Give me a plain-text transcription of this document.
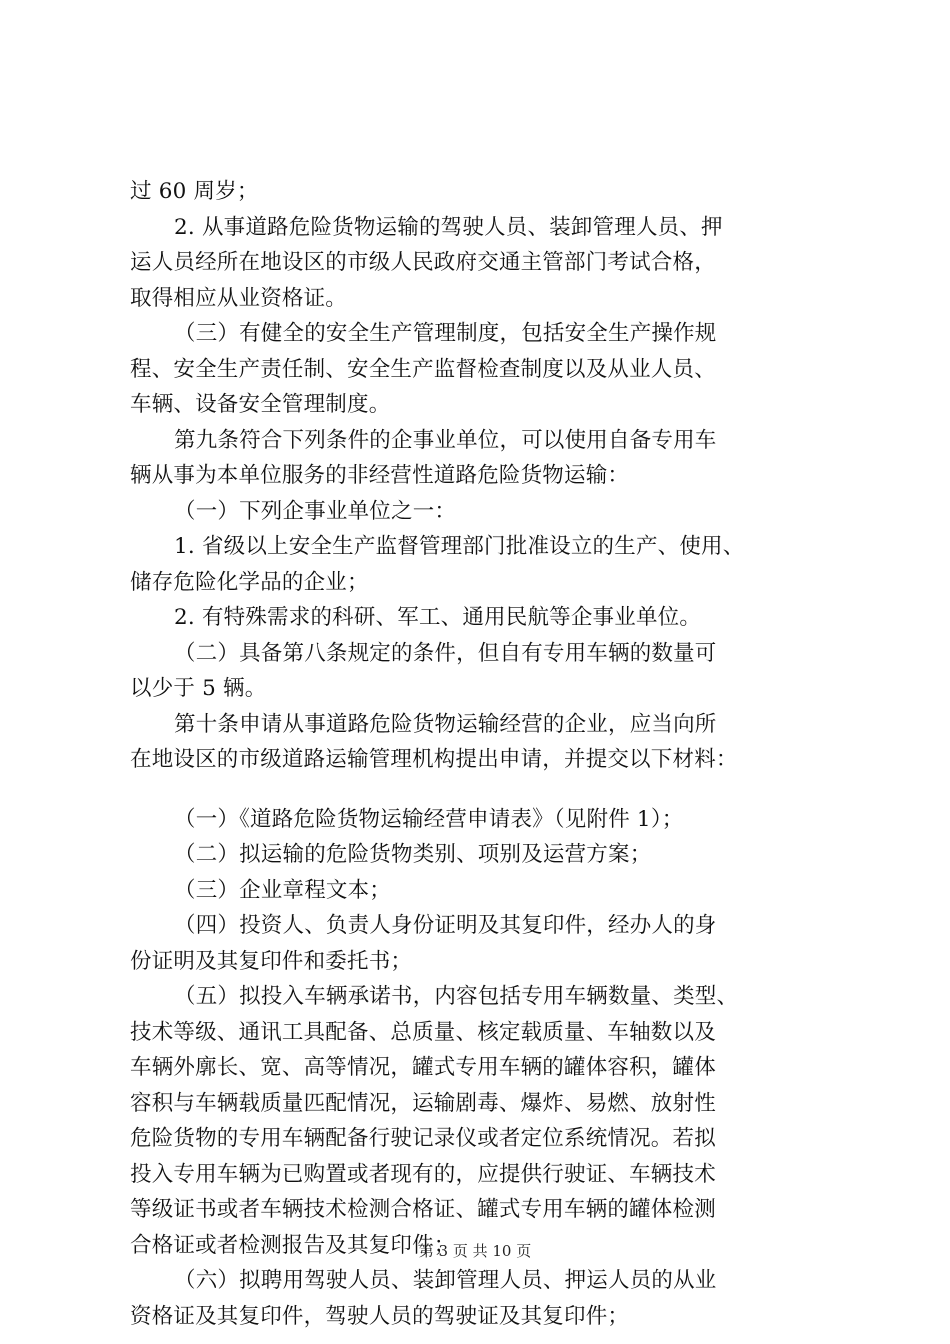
过 60 周岁；
2. 从事道路危险货物运输的驾驶人员、装卸管理人员、押
运人员经所在地设区的市级人民政府交通主管部门考试合格，
取得相应从业资格证。
（三）有健全的安全生产管理制度，包括安全生产操作规
程、安全生产责任制、安全生产监督检查制度以及从业人员、
车辆、设备安全管理制度。
第九条符合下列条件的企事业单位，可以使用自备专用车
辆从事为本单位服务的非经营性道路危险货物运输：
（一）下列企事业单位之一：
1. 省级以上安全生产监督管理部门批准设立的生产、使用、
储存危险化学品的企业；
2. 有特殊需求的科研、军工、通用民航等企事业单位。
（二）具备第八条规定的条件，但自有专用车辆的数量可
以少于 5 辆。
第十条申请从事道路危险货物运输经营的企业，应当向所
在地设区的市级道路运输管理机构提出申请，并提交以下材料：
（一）《道路危险货物运输经营申请表》（见附件 1）；
（二）拟运输的危险货物类别、项别及运营方案；
（三）企业章程文本；
（四）投资人、负责人身份证明及其复印件，经办人的身
份证明及其复印件和委托书；
（五）拟投入车辆承诺书，内容包括专用车辆数量、类型、
技术等级、通讯工具配备、总质量、核定载质量、车轴数以及
车辆外廓长、宽、高等情况，罐式专用车辆的罐体容积，罐体
容积与车辆载质量匹配情况，运输剧毒、爆炸、易燃、放射性
危险货物的专用车辆配备行驶记录仪或者定位系统情况。若拟
投入专用车辆为已购置或者现有的，应提供行驶证、车辆技术
等级证书或者车辆技术检测合格证、罐式专用车辆的罐体检测
合格证或者检测报告及其复印件；
（六）拟聘用驾驶人员、装卸管理人员、押运人员的从业
资格证及其复印件，驾驶人员的驾驶证及其复印件；
第 3 页 共 10 页
